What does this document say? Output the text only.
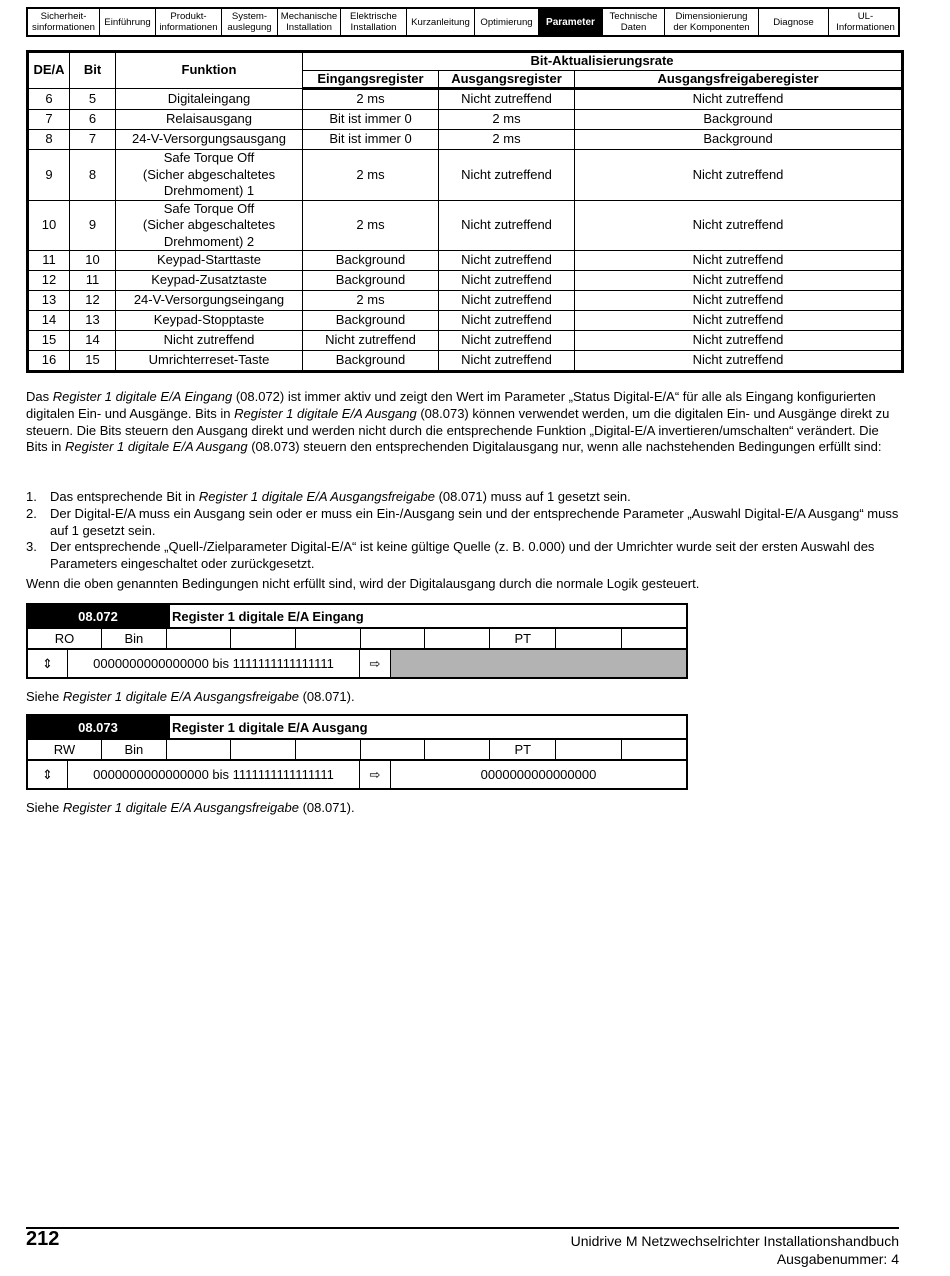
Sicherheit-
sinformationen Einführung	Produkt-
informationen
System-
auslegung
Mechanische
Installation
Elektrische
Installation	Kurzanleitung	Optimierung	Parameter	Technische
Daten
Dimensionierung
der Komponenten	Diagnose	UL-
Informationen
DE/A	Bit	Funktion	Bit-Aktualisierungsrate		
			Eingangsregister	Ausgangsregister	Ausgangsfreigaberegister
6	5	Digitaleingang	2 ms	Nicht zutreffend	Nicht zutreffend
7	6	Relaisausgang	Bit ist immer 0	2 ms	Background
8	7	24-V-Versorgungsausgang	Bit ist immer 0	2 ms	Background
9	8	Safe Torque Off
(Sicher abgeschaltetes
Drehmoment) 1	2 ms	Nicht zutreffend	Nicht zutreffend
10	9	Safe Torque Off
(Sicher abgeschaltetes
Drehmoment) 2	2 ms	Nicht zutreffend	Nicht zutreffend
11	10	Keypad-Starttaste	Background	Nicht zutreffend	Nicht zutreffend
12	11	Keypad-Zusatztaste	Background	Nicht zutreffend	Nicht zutreffend
13	12	24-V-Versorgungseingang	2 ms	Nicht zutreffend	Nicht zutreffend
14	13	Keypad-Stopptaste	Background	Nicht zutreffend	Nicht zutreffend
15	14	Nicht zutreffend	Nicht zutreffend	Nicht zutreffend	Nicht zutreffend
16	15	Umrichterreset-Taste	Background	Nicht zutreffend	Nicht zutreffend
Das Register 1 digitale E/A Eingang (08.072) ist immer aktiv und zeigt den Wert im Parameter „Status Digital-E/A“ für alle als Eingang konfigurierten digitalen Ein- und Ausgänge. Bits in Register 1 digitale E/A Ausgang (08.073) können verwendet werden, um die digitalen Ein- und Ausgänge direkt zu steuern. Die Bits steuern den Ausgang direkt und werden nicht durch die entsprechende Funktion „Digital-E/A invertieren/umschalten“ verändert. Die Bits in Register 1 digitale E/A Ausgang (08.073) steuern den entsprechenden Digitalausgang nur, wenn alle nachstehenden Bedingungen erfüllt sind:
1. Das entsprechende Bit in Register 1 digitale E/A Ausgangsfreigabe (08.071) muss auf 1 gesetzt sein.
2. Der Digital-E/A muss ein Ausgang sein oder er muss ein Ein-/Ausgang sein und der entsprechende Parameter „Auswahl Digital-E/A Ausgang“ muss auf 1 gesetzt sein.
3. Der entsprechende „Quell-/Zielparameter Digital-E/A“ ist keine gültige Quelle (z. B. 0.000) und der Umrichter wurde seit der ersten Auswahl des Parameters eingeschaltet oder zurückgesetzt.
Wenn die oben genannten Bedingungen nicht erfüllt sind, wird der Digitalausgang durch die normale Logik gesteuert.
08.072	Register 1 digitale E/A Eingang
RO	Bin	PT
⇕	0000000000000000 bis 1111111111111111	⇨
Siehe Register 1 digitale E/A Ausgangsfreigabe (08.071).
08.073	Register 1 digitale E/A Ausgang
RW	Bin	PT
⇕	0000000000000000 bis 1111111111111111	⇨	0000000000000000
Siehe Register 1 digitale E/A Ausgangsfreigabe (08.071).
212	Unidrive M Netzwechselrichter Installationshandbuch
Ausgabenummer: 4
